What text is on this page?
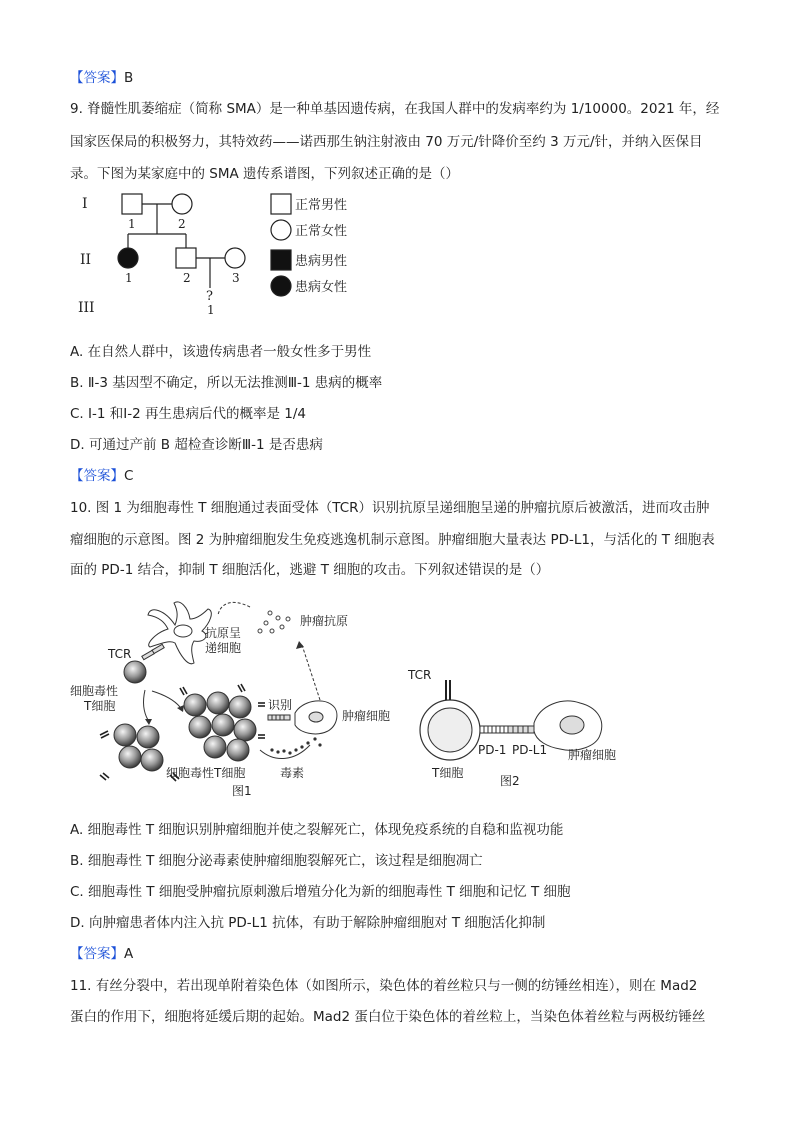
【答案】B
9. 脊髓性肌萎缩症（简称 SMA）是一种单基因遗传病，在我国人群中的发病率约为 1/10000。2021 年，经
国家医保局的积极努力，其特效药——诺西那生钠注射液由 70 万元/针降价至约 3 万元/针，并纳入医保目
录。下图为某家庭中的 SMA 遗传系谱图，下列叙述正确的是（）
I
II
III
1	2
1	2	3
?
1
正常男性
正常女性
患病男性
患病女性
A. 在自然人群中，该遗传病患者一般女性多于男性
B. Ⅱ-3 基因型不确定，所以无法推测Ⅲ-1 患病的概率
C. Ⅰ-1 和Ⅰ-2 再生患病后代的概率是 1/4
D. 可通过产前 B 超检查诊断Ⅲ-1 是否患病
【答案】C
10. 图 1 为细胞毒性 T 细胞通过表面受体（TCR）识别抗原呈递细胞呈递的肿瘤抗原后被激活，进而攻击肿
瘤细胞的示意图。图 2 为肿瘤细胞发生免疫逃逸机制示意图。肿瘤细胞大量表达 PD-L1，与活化的 T 细胞表
面的 PD-1 结合，抑制 T 细胞活化，逃避 T 细胞的攻击。下列叙述错误的是（）
肿瘤抗原
抗原呈
递细胞
TCR
细胞毒性
T细胞	识别
肿瘤细胞
细胞毒性T细胞	毒素
图1
TCR
PD-1 PD-L1
T细胞
肿瘤细胞
图2
A. 细胞毒性 T 细胞识别肿瘤细胞并使之裂解死亡，体现免疫系统的自稳和监视功能
B. 细胞毒性 T 细胞分泌毒素使肿瘤细胞裂解死亡，该过程是细胞凋亡
C. 细胞毒性 T 细胞受肿瘤抗原刺激后增殖分化为新的细胞毒性 T 细胞和记忆 T 细胞
D. 向肿瘤患者体内注入抗 PD-L1 抗体，有助于解除肿瘤细胞对 T 细胞活化抑制
【答案】A
11. 有丝分裂中，若出现单附着染色体（如图所示，染色体的着丝粒只与一侧的纺锤丝相连），则在 Mad2
蛋白的作用下，细胞将延缓后期的起始。Mad2 蛋白位于染色体的着丝粒上，当染色体着丝粒与两极纺锤丝
